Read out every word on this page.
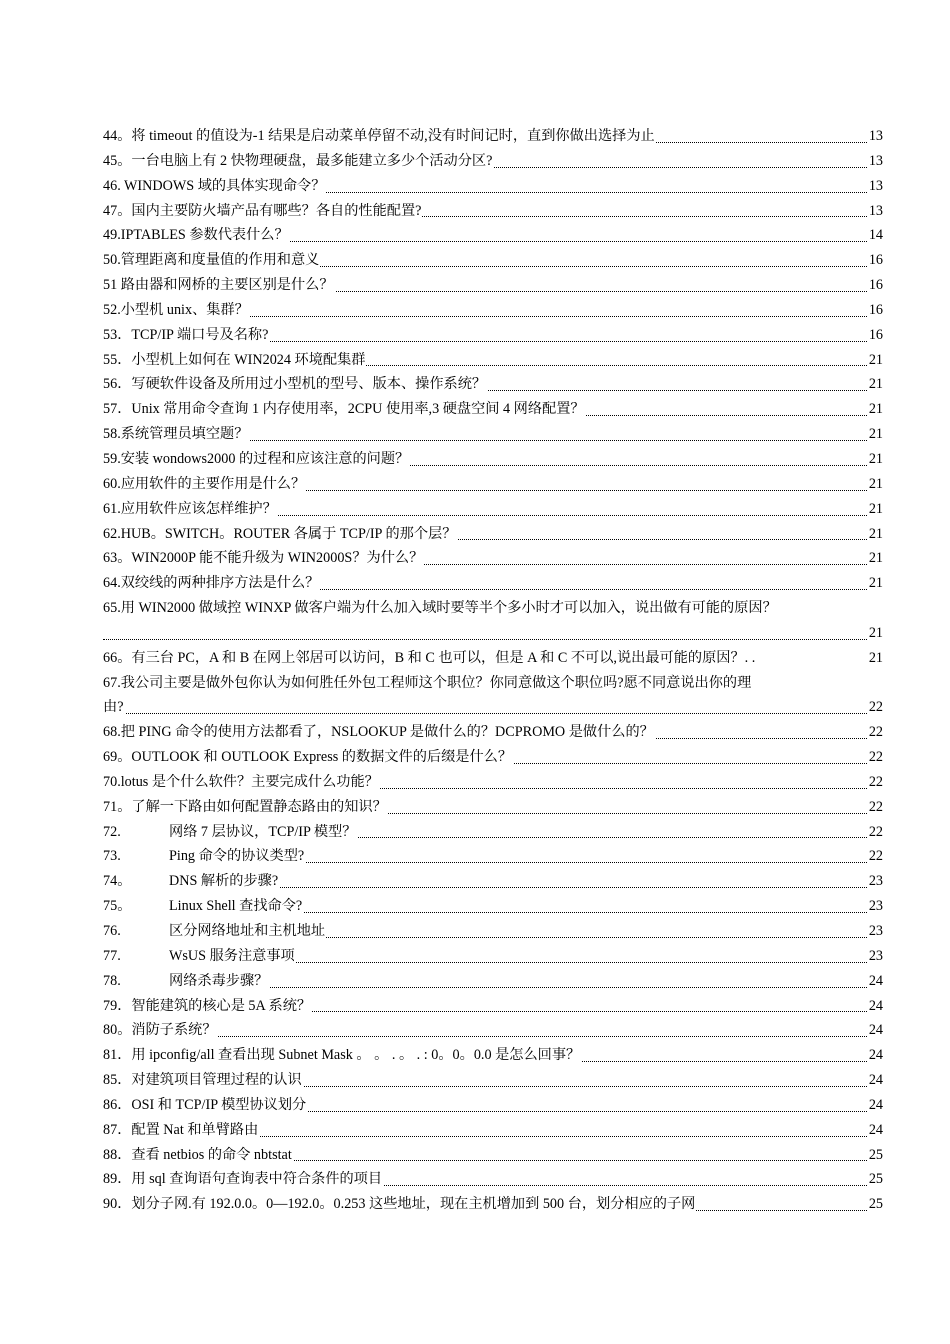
44。将 timeout 的值设为-1 结果是启动菜单停留不动,没有时间记时，直到你做出选择为止	13
45。一台电脑上有 2 快物理硬盘，最多能建立多少个活动分区?	13
46. WINDOWS 域的具体实现命令？	13
47。国内主要防火墙产品有哪些？各自的性能配置?	13
49.IPTABLES 参数代表什么？	14
50.管理距离和度量值的作用和意义	16
51 路由器和网桥的主要区别是什么？	16
52.小型机 unix、集群？	16
53．TCP/IP 端口号及名称?	16
55．小型机上如何在 WIN2024 环境配集群	21
56．写硬软件设备及所用过小型机的型号、版本、操作系统？	21
57．Unix 常用命令查询 1 内存使用率，2CPU 使用率,3 硬盘空间 4 网络配置？	21
58.系统管理员填空题？	21
59.安装 wondows2000 的过程和应该注意的问题？	21
60.应用软件的主要作用是什么？	21
61.应用软件应该怎样维护？	21
62.HUB。SWITCH。ROUTER 各属于 TCP/IP 的那个层？	21
63。WIN2000P 能不能升级为 WIN2000S？为什么？	21
64.双绞线的两种排序方法是什么？	21
65.用 WIN2000 做域控 WINXP 做客户端为什么加入域时要等半个多小时才可以加入，说出做有可能的原因？
21
66。有三台 PC，A 和 B 在网上邻居可以访问，B 和 C 也可以，但是 A 和 C 不可以,说出最可能的原因？. .	21
67.我公司主要是做外包你认为如何胜任外包工程师这个职位？你同意做这个职位吗?愿不同意说出你的理
由?	22
68.把 PING 命令的使用方法都看了，NSLOOKUP 是做什么的？DCPROMO 是做什么的？	22
69。OUTLOOK 和 OUTLOOK Express 的数据文件的后缀是什么？	22
70.lotus 是个什么软件？主要完成什么功能？	22
71。了解一下路由如何配置静态路由的知识？	22
72.	网络 7 层协议，TCP/IP 模型？	22
73.	Ping 命令的协议类型?	22
74。	DNS 解析的步骤?	23
75。	Linux Shell 查找命令?	23
76.	区分网络地址和主机地址	23
77.	WsUS 服务注意事项	23
78.	网络杀毒步骤？	24
79．智能建筑的核心是 5A 系统？	24
80。消防子系统？	24
81．用 ipconfig/all 查看出现 Subnet Mask 。 。 . 。 . : 0。0。0.0 是怎么回事？	24
85．对建筑项目管理过程的认识	24
86．OSI 和 TCP/IP 模型协议划分	24
87．配置 Nat 和单臂路由	24
88．查看 netbios 的命令 nbtstat	25
89．用 sql 查询语句查询表中符合条件的项目	25
90．划分子网.有 192.0.0。0—192.0。0.253 这些地址，现在主机增加到 500 台，划分相应的子网	25
